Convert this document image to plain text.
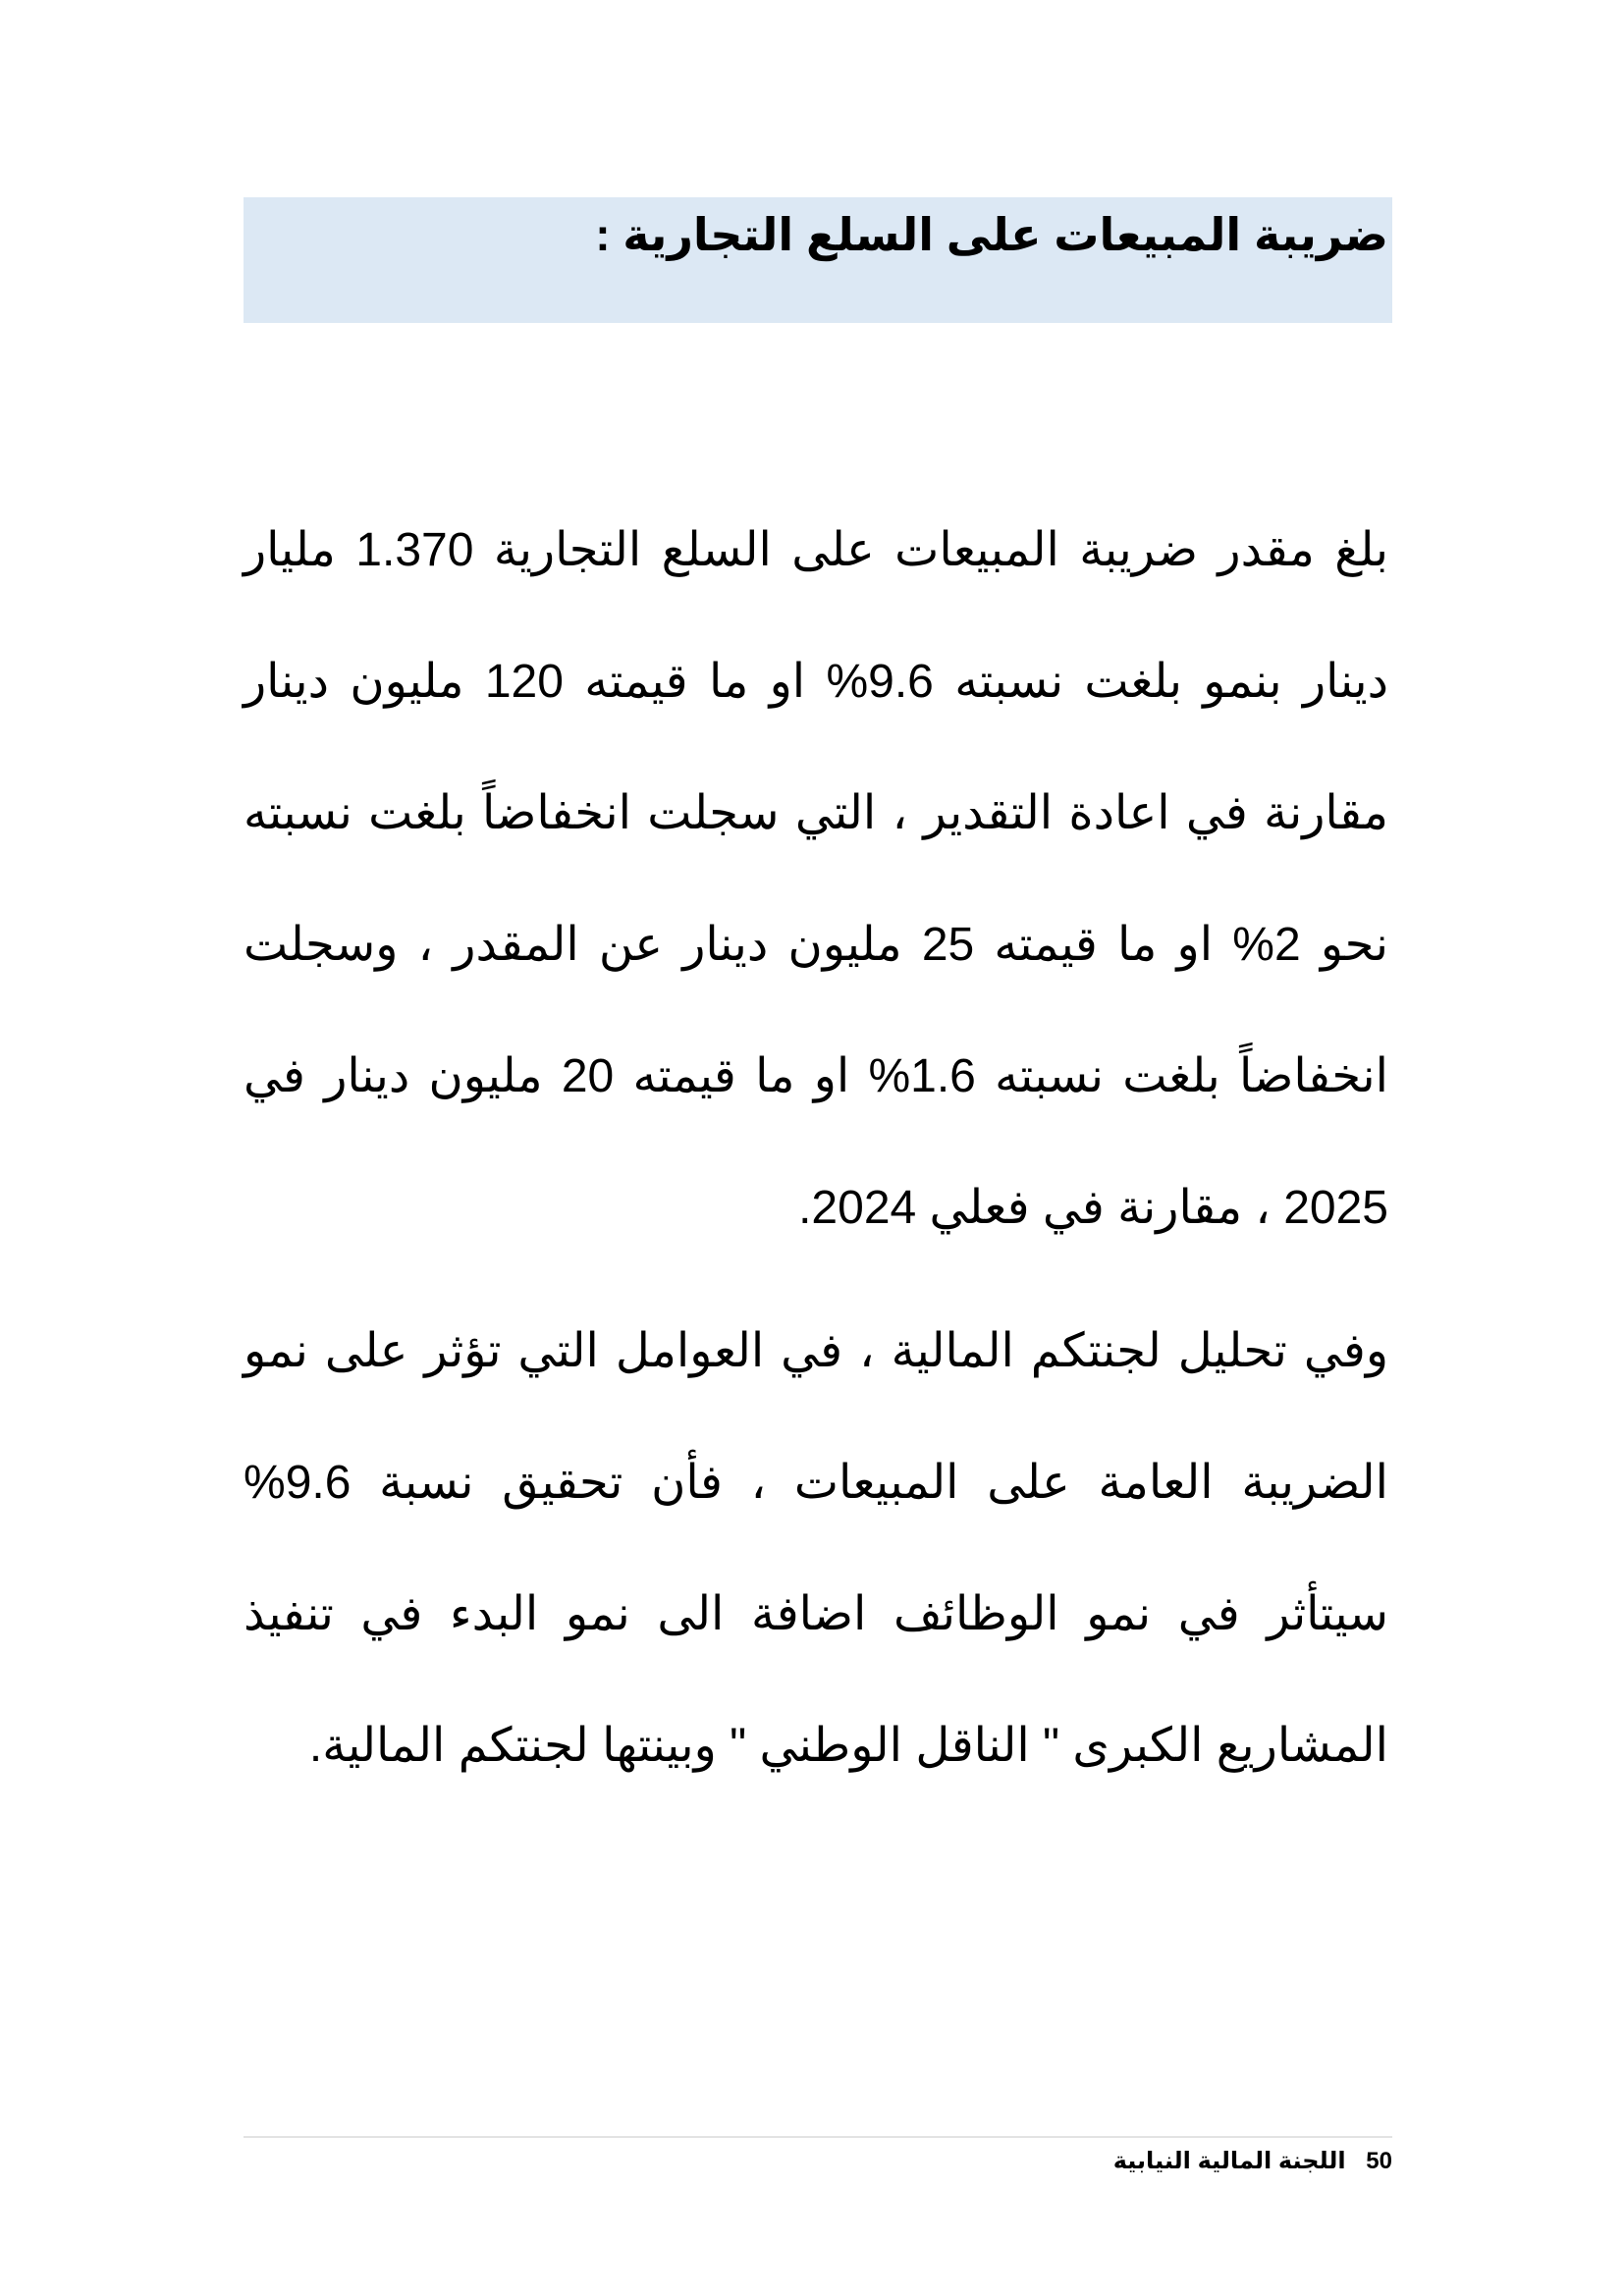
ضريبة المبيعات على السلع التجارية :

بلغ مقدر ضريبة المبيعات على السلع التجارية 1.370 مليار دينار بنمو بلغت نسبته 9.6% او ما قيمته 120 مليون دينار مقارنة في اعادة التقدير ، التي سجلت انخفاضاً بلغت نسبته نحو 2% او ما قيمته 25 مليون دينار عن المقدر ، وسجلت انخفاضاً بلغت نسبته 1.6% او ما قيمته 20 مليون دينار في 2025 ، مقارنة في فعلي 2024.

وفي تحليل لجنتكم المالية ، في العوامل التي تؤثر على نمو الضريبة العامة على المبيعات ، فأن تحقيق نسبة 9.6% سيتأثر في نمو الوظائف اضافة الى نمو البدء في تنفيذ المشاريع الكبرى " الناقل الوطني " وبينتها لجنتكم المالية.

50 اللجنة المالية النيابية
